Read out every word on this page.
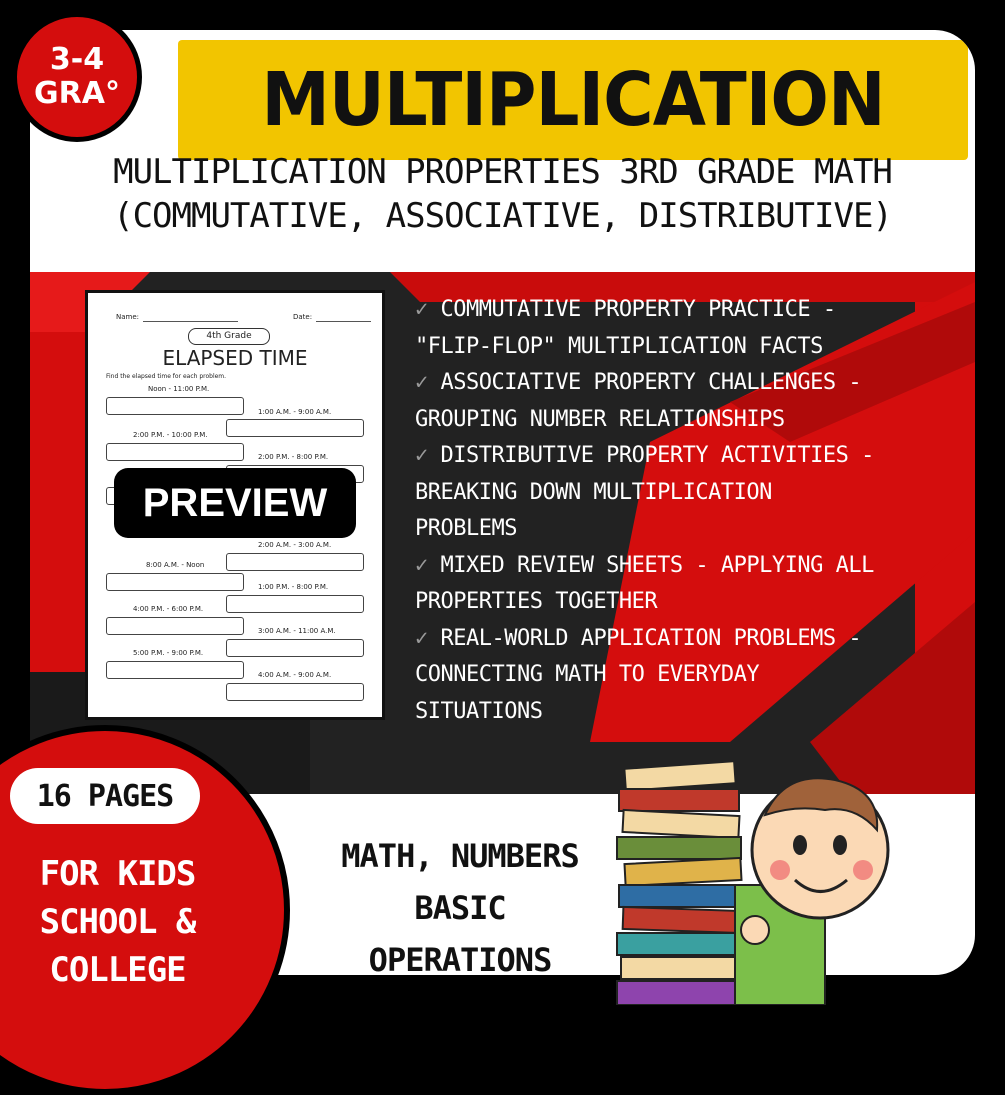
MULTIPLICATION
MULTIPLICATION PROPERTIES 3RD GRADE MATH
(COMMUTATIVE, ASSOCIATIVE, DISTRIBUTIVE)
MATH, NUMBERS
BASIC
OPERATIONS
3-4
GRA°
Name:	Date:
4th Grade
ELAPSED TIME
Find the elapsed time for each problem.
Noon - 11:00 P.M.
1:00 A.M. - 9:00 A.M.
2:00 P.M. - 10:00 P.M.
2:00 P.M. - 8:00 P.M.
2:00 A.M. - 3:00 A.M.
8:00 A.M. - Noon
1:00 P.M. - 8:00 P.M.
4:00 P.M. - 6:00 P.M.
3:00 A.M. - 11:00 A.M.
5:00 P.M. - 9:00 P.M.
4:00 A.M. - 9:00 A.M.
PREVIEW
✓ COMMUTATIVE PROPERTY PRACTICE -
"FLIP-FLOP" MULTIPLICATION FACTS
✓ ASSOCIATIVE PROPERTY CHALLENGES -
GROUPING NUMBER RELATIONSHIPS
✓ DISTRIBUTIVE PROPERTY ACTIVITIES -
BREAKING DOWN MULTIPLICATION
PROBLEMS
✓ MIXED REVIEW SHEETS - APPLYING ALL
PROPERTIES TOGETHER
✓ REAL-WORLD APPLICATION PROBLEMS -
CONNECTING MATH TO EVERYDAY
SITUATIONS
16 PAGES
FOR KIDS
SCHOOL &
COLLEGE
